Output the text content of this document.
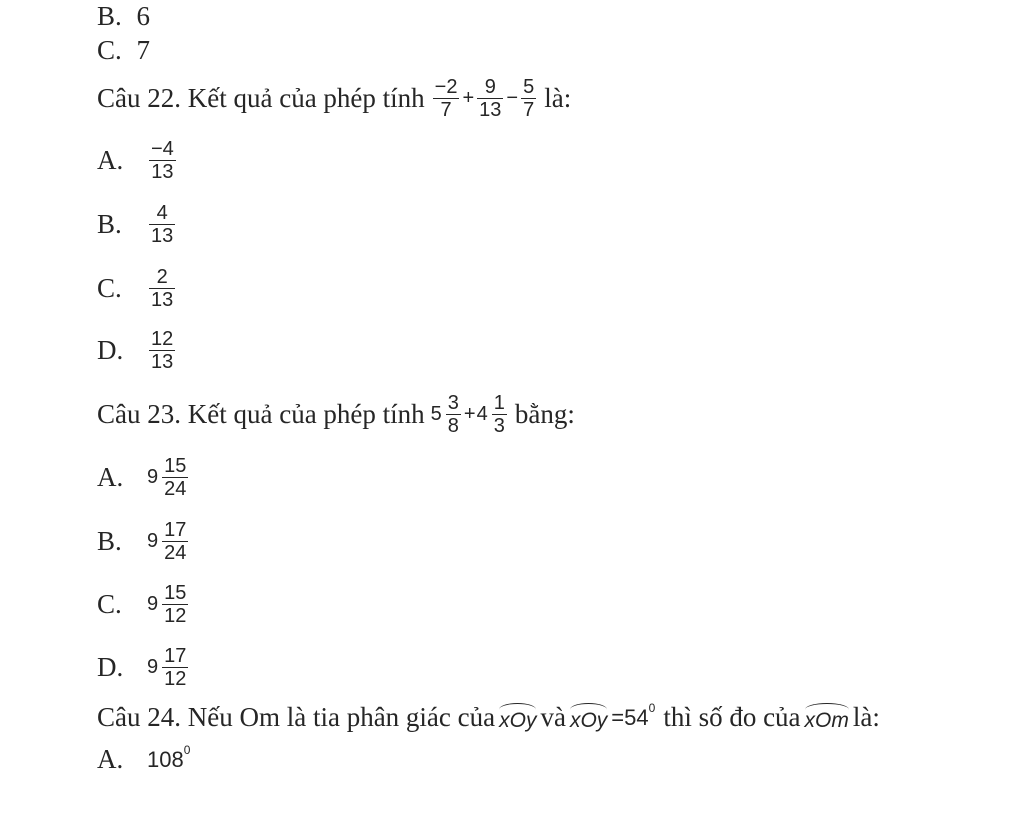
B. 6
C. 7
Câu 22. Kết quả của phép tính $\frac{-2}{7} + \frac{9}{13} - \frac{5}{7}$ là:
A.	$\frac{-4}{13}$
B.	$\frac{4}{13}$
C.	$\frac{2}{13}$
D.	$\frac{12}{13}$
Câu 23. Kết quả của phép tính $5 \frac{3}{8} + 4 \frac{1}{3}$ bằng:
A.	$9 \frac{15}{24}$
B.	$9 \frac{17}{24}$
C.	$9 \frac{15}{12}$
D.	$9 \frac{17}{12}$
Câu 24. Nếu Om là tia phân giác của xOy và xOy $=54^0$ thì số đo của xOm là:
A.	$108^0$
